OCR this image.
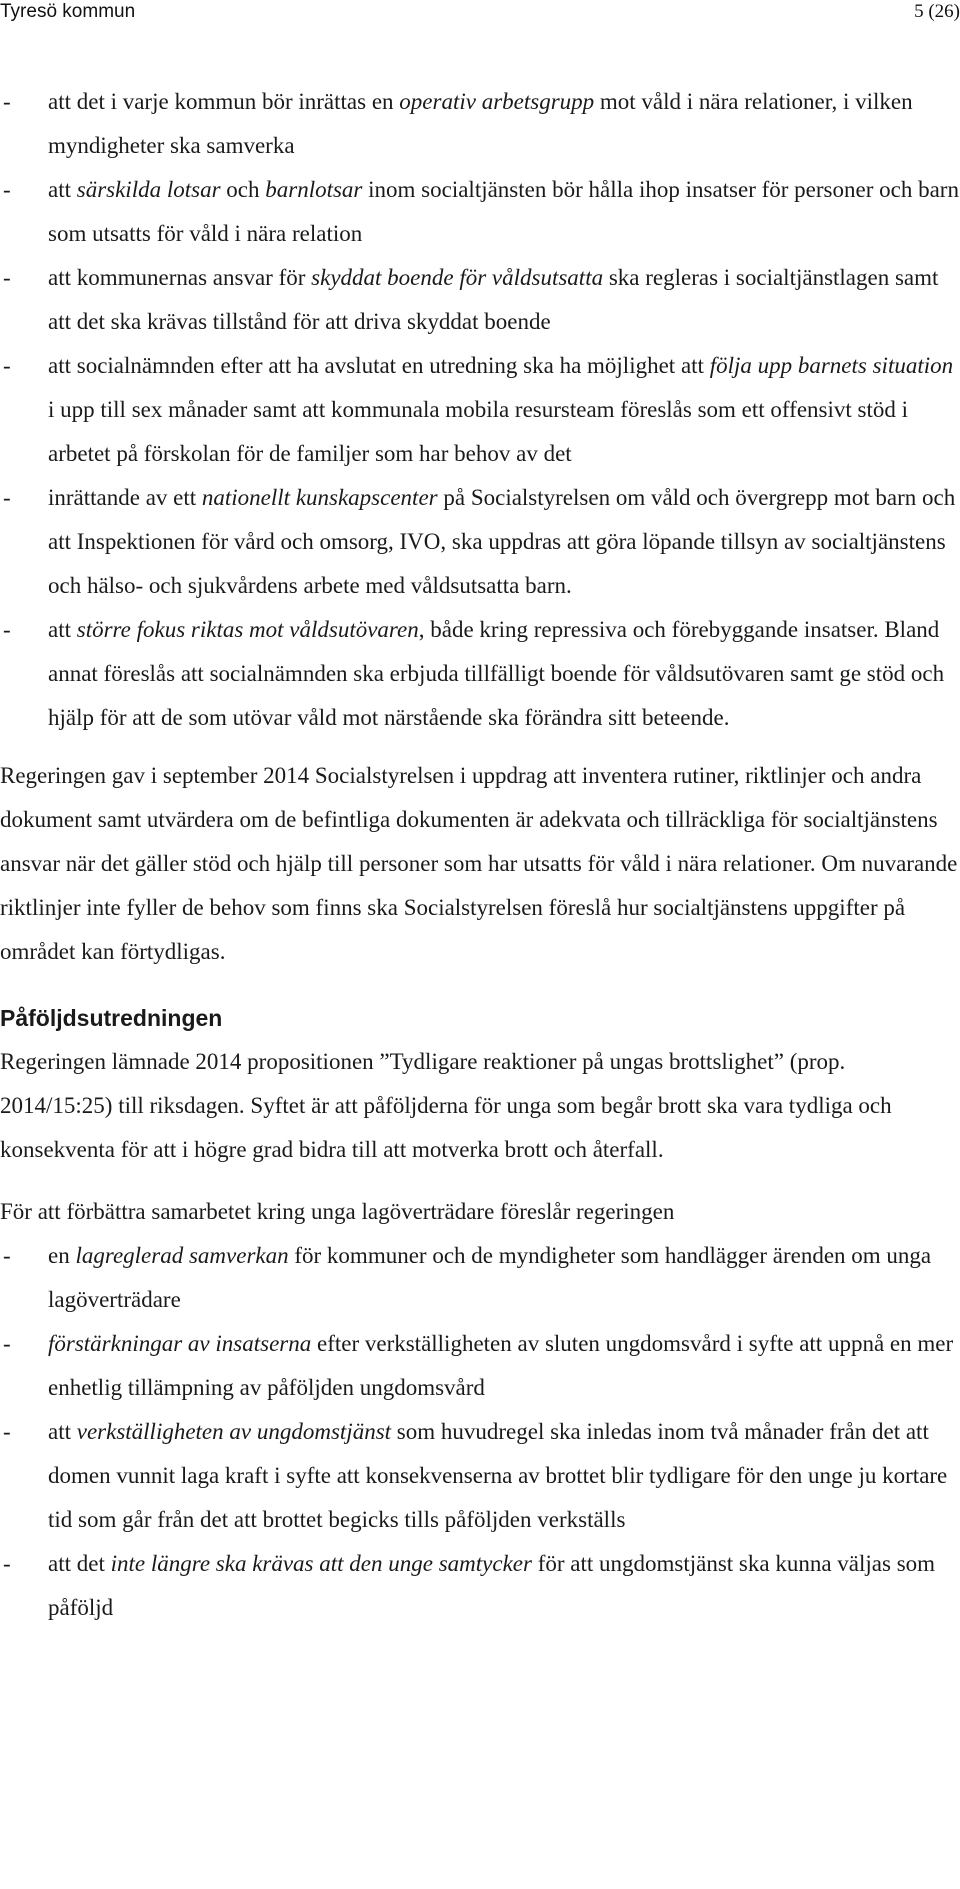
Tyresö kommun	5 (26)
- att det i varje kommun bör inrättas en operativ arbetsgrupp mot våld i nära relationer, i vilken myndigheter ska samverka
- att särskilda lotsar och barnlotsar inom socialtjänsten bör hålla ihop insatser för personer och barn som utsatts för våld i nära relation
- att kommunernas ansvar för skyddat boende för våldsutsatta ska regleras i socialtjänstlagen samt att det ska krävas tillstånd för att driva skyddat boende
- att socialnämnden efter att ha avslutat en utredning ska ha möjlighet att följa upp barnets situation i upp till sex månader samt att kommunala mobila resursteam föreslås som ett offensivt stöd i arbetet på förskolan för de familjer som har behov av det
- inrättande av ett nationellt kunskapscenter på Socialstyrelsen om våld och övergrepp mot barn och att Inspektionen för vård och omsorg, IVO, ska uppdras att göra löpande tillsyn av socialtjänstens och hälso- och sjukvårdens arbete med våldsutsatta barn.
- att större fokus riktas mot våldsutövaren, både kring repressiva och förebyggande insatser. Bland annat föreslås att socialnämnden ska erbjuda tillfälligt boende för våldsutövaren samt ge stöd och hjälp för att de som utövar våld mot närstående ska förändra sitt beteende.

Regeringen gav i september 2014 Socialstyrelsen i uppdrag att inventera rutiner, riktlinjer och andra dokument samt utvärdera om de befintliga dokumenten är adekvata och tillräckliga för socialtjänstens ansvar när det gäller stöd och hjälp till personer som har utsatts för våld i nära relationer. Om nuvarande riktlinjer inte fyller de behov som finns ska Socialstyrelsen föreslå hur socialtjänstens uppgifter på området kan förtydligas.

Påföljdsutredningen

Regeringen lämnade 2014 propositionen ”Tydligare reaktioner på ungas brottslighet” (prop. 2014/15:25) till riksdagen. Syftet är att påföljderna för unga som begår brott ska vara tydliga och konsekventa för att i högre grad bidra till att motverka brott och återfall.

För att förbättra samarbetet kring unga lagöverträdare föreslår regeringen

- en lagreglerad samverkan för kommuner och de myndigheter som handlägger ärenden om unga lagöverträdare
- förstärkningar av insatserna efter verkställigheten av sluten ungdomsvård i syfte att uppnå en mer enhetlig tillämpning av påföljden ungdomsvård
- att verkställigheten av ungdomstjänst som huvudregel ska inledas inom två månader från det att domen vunnit laga kraft i syfte att konsekvenserna av brottet blir tydligare för den unge ju kortare tid som går från det att brottet begicks tills påföljden verkställs
- att det inte längre ska krävas att den unge samtycker för att ungdomstjänst ska kunna väljas som påföljd
